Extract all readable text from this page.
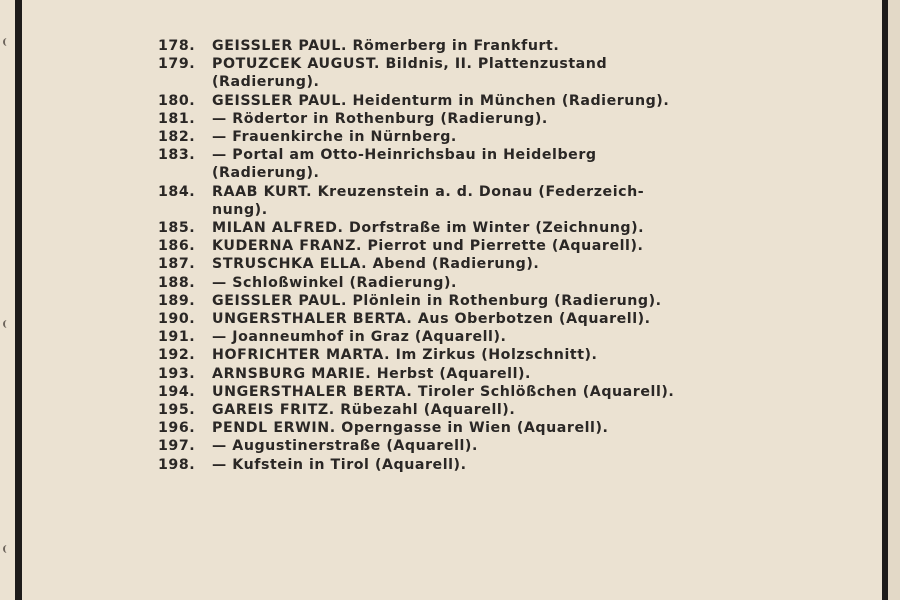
178.	GEISSLER PAUL. Römerberg in Frankfurt.
179.	POTUZCEK AUGUST. Bildnis, II. Plattenzustand
(Radierung).
180.	GEISSLER PAUL. Heidenturm in München (Radierung).
181.	— Rödertor in Rothenburg (Radierung).
182.	— Frauenkirche in Nürnberg.
183.	— Portal am Otto-Heinrichsbau in Heidelberg
(Radierung).
184.	RAAB KURT. Kreuzenstein a. d. Donau (Federzeich-
nung).
185.	MILAN ALFRED. Dorfstraße im Winter (Zeichnung).
186.	KUDERNA FRANZ. Pierrot und Pierrette (Aquarell).
187.	STRUSCHKA ELLA. Abend (Radierung).
188.	— Schloßwinkel (Radierung).
189.	GEISSLER PAUL. Plönlein in Rothenburg (Radierung).
190.	UNGERSTHALER BERTA. Aus Oberbotzen (Aquarell).
191.	— Joanneumhof in Graz (Aquarell).
192.	HOFRICHTER MARTA. Im Zirkus (Holzschnitt).
193.	ARNSBURG MARIE. Herbst (Aquarell).
194.	UNGERSTHALER BERTA. Tiroler Schlößchen (Aquarell).
195.	GAREIS FRITZ. Rübezahl (Aquarell).
196.	PENDL ERWIN. Operngasse in Wien (Aquarell).
197.	— Augustinerstraße (Aquarell).
198.	— Kufstein in Tirol (Aquarell).
